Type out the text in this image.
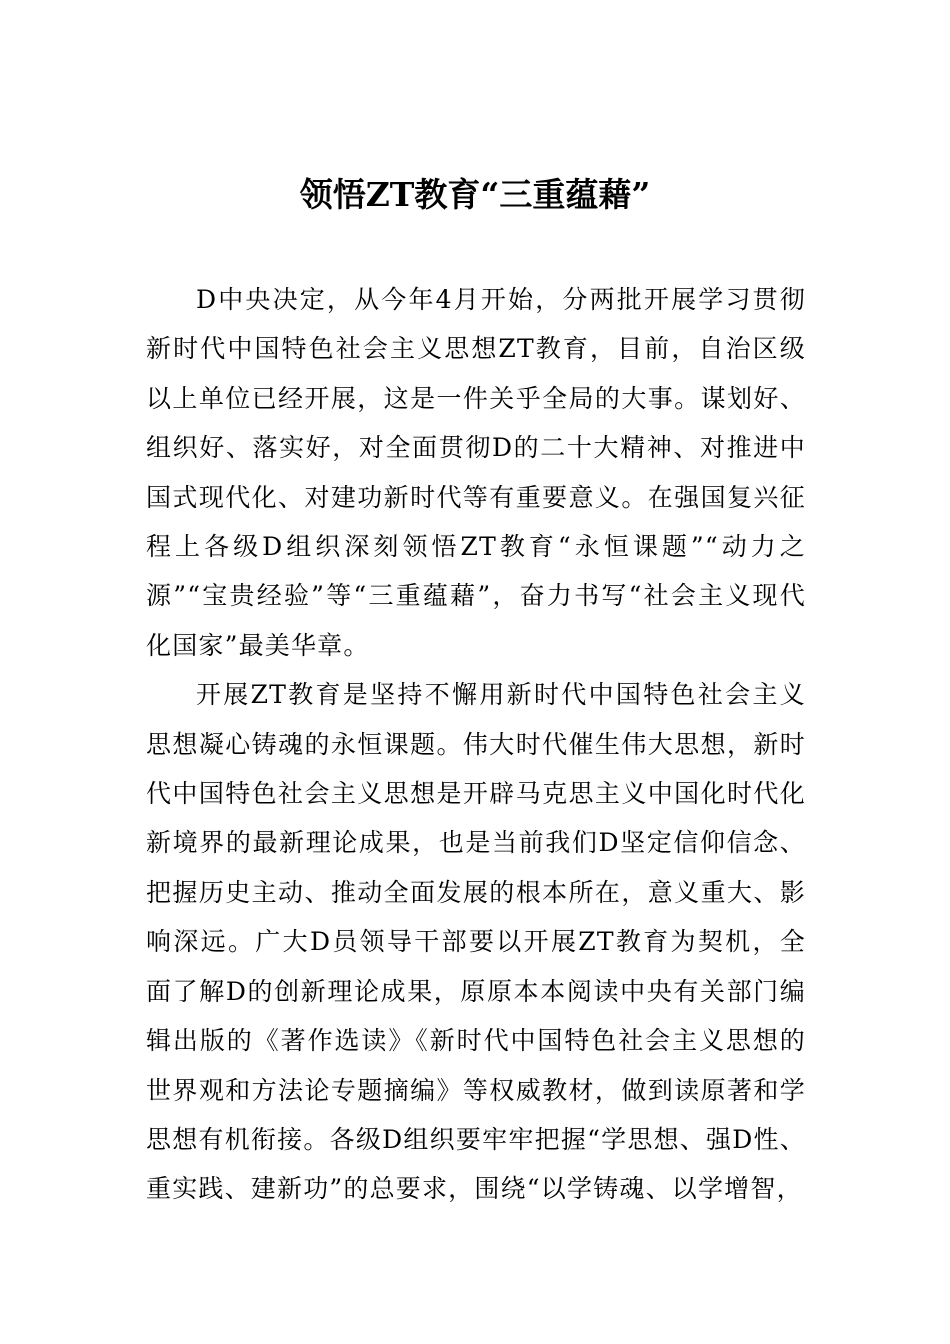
领悟ZT教育“三重蕴藉”

D中央决定，从今年4月开始，分两批开展学习贯彻新时代中国特色社会主义思想ZT教育，目前，自治区级以上单位已经开展，这是一件关乎全局的大事。谋划好、组织好、落实好，对全面贯彻D的二十大精神、对推进中国式现代化、对建功新时代等有重要意义。在强国复兴征程上各级D组织深刻领悟ZT教育“永恒课题”“动力之源”“宝贵经验”等“三重蕴藉”，奋力书写“社会主义现代化国家”最美华章。

开展ZT教育是坚持不懈用新时代中国特色社会主义思想凝心铸魂的永恒课题。伟大时代催生伟大思想，新时代中国特色社会主义思想是开辟马克思主义中国化时代化新境界的最新理论成果，也是当前我们D坚定信仰信念、把握历史主动、推动全面发展的根本所在，意义重大、影响深远。广大D员领导干部要以开展ZT教育为契机，全面了解D的创新理论成果，原原本本阅读中央有关部门编辑出版的《著作选读》《新时代中国特色社会主义思想的世界观和方法论专题摘编》等权威教材，做到读原著和学思想有机衔接。各级D组织要牢牢把握“学思想、强D性、重实践、建新功”的总要求，围绕“以学铸魂、以学增智，
